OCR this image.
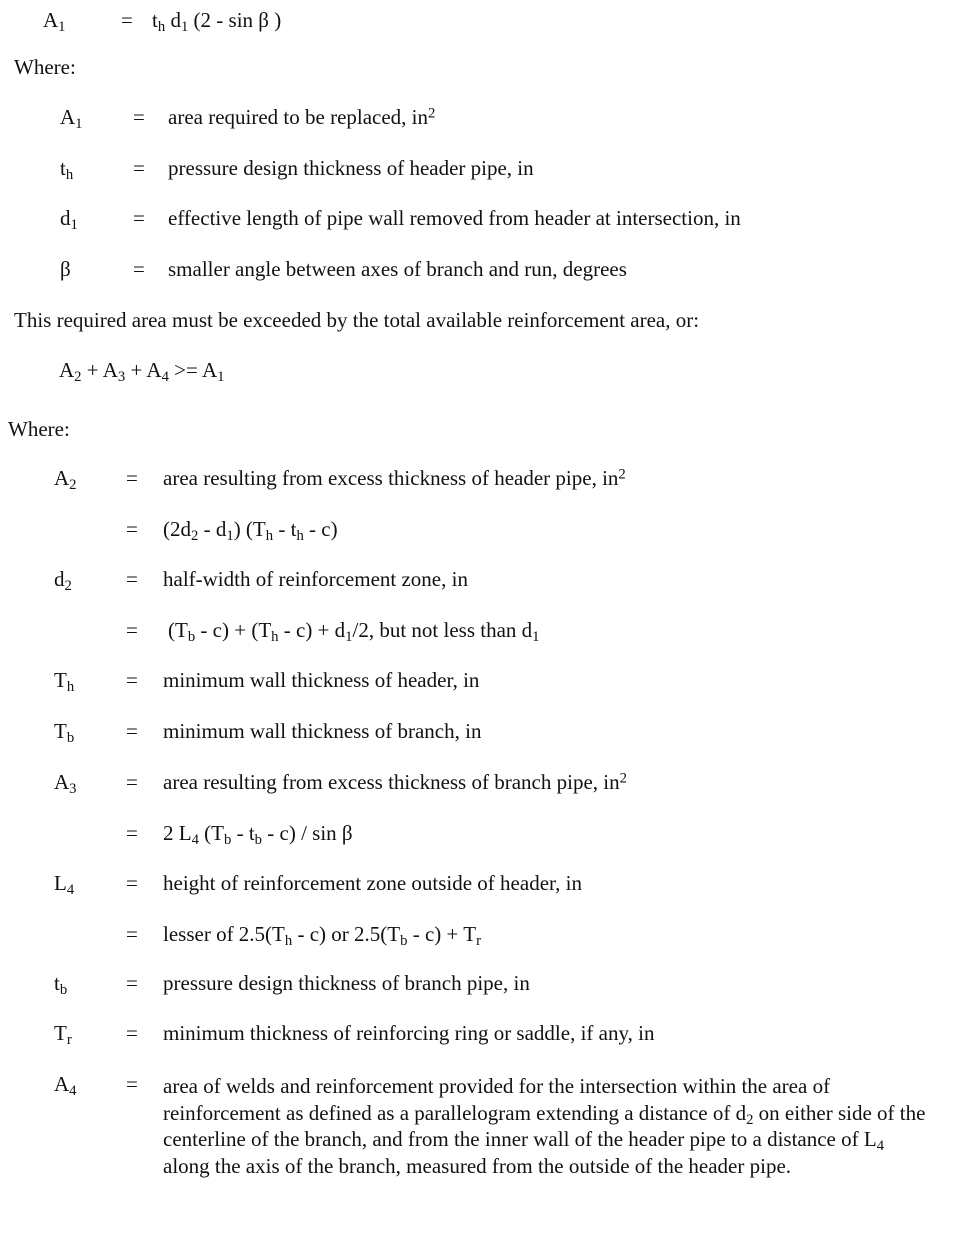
$A_1$	= $t_h$ $d_1$ (2 - sin β )
Where:
$A_1$ = area required to be replaced, $in^2$
$t_h$	= pressure design thickness of header pipe, in
$d_1$	= effective length of pipe wall removed from header at intersection, in
β	= smaller angle between axes of branch and run, degrees
This required area must be exceeded by the total available reinforcement area, or:
$A_2 + A_3 + A_4 >= A_1$
Where:
$A_2$ = area resulting from excess thickness of header pipe, $in^2$
= $(2d_2 - d_1)$ $(T_h - t_h - c)$
$d_2$	= half-width of reinforcement zone, in
= $(T_b - c) + (T_h - c) + d_1/2$, but not less than $d_1$
$T_h$ = minimum wall thickness of header, in
$T_b$ = minimum wall thickness of branch, in
$A_3$ = area resulting from excess thickness of branch pipe, $in^2$
= 2 $L_4$ $(T_b - t_b - c)$ / sin β
$L_4$ = height of reinforcement zone outside of header, in
= lesser of $2.5(T_h - c)$ or $2.5(T_b - c) + T_r$
$t_b$	= pressure design thickness of branch pipe, in
$T_r$	= minimum thickness of reinforcing ring or saddle, if any, in
$A_4$ = area of welds and reinforcement provided for the intersection within the area of reinforcement as defined as a parallelogram extending a distance of $d_2$ on either side of the centerline of the branch, and from the inner wall of the header pipe to a distance of $L_4$ along the axis of the branch, measured from the outside of the header pipe.
